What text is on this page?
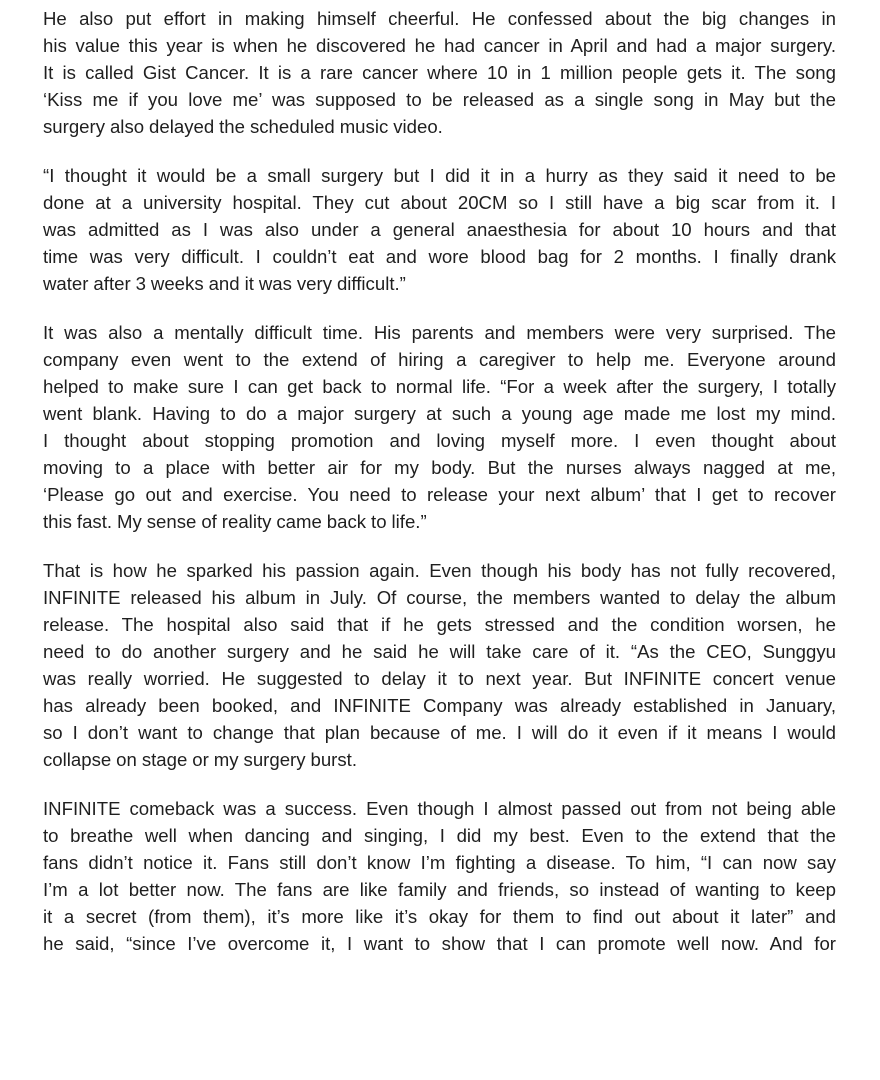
He also put effort in making himself cheerful. He confessed about the big changes in
his value this year is when he discovered he had cancer in April and had a major surgery.
It is called Gist Cancer. It is a rare cancer where 10 in 1 million people gets it. The song
‘Kiss me if you love me’ was supposed to be released as a single song in May but the
surgery also delayed the scheduled music video.

“I thought it would be a small surgery but I did it in a hurry as they said it need to be
done at a university hospital. They cut about 20CM so I still have a big scar from it. I
was admitted as I was also under a general anaesthesia for about 10 hours and that
time was very difficult. I couldn’t eat and wore blood bag for 2 months. I finally drank
water after 3 weeks and it was very difficult.”

It was also a mentally difficult time. His parents and members were very surprised. The
company even went to the extend of hiring a caregiver to help me. Everyone around
helped to make sure I can get back to normal life. “For a week after the surgery, I totally
went blank. Having to do a major surgery at such a young age made me lost my mind.
I thought about stopping promotion and loving myself more. I even thought about
moving to a place with better air for my body. But the nurses always nagged at me,
‘Please go out and exercise. You need to release your next album’ that I get to recover
this fast. My sense of reality came back to life.”

That is how he sparked his passion again. Even though his body has not fully recovered,
INFINITE released his album in July. Of course, the members wanted to delay the album
release. The hospital also said that if he gets stressed and the condition worsen, he
need to do another surgery and he said he will take care of it. “As the CEO, Sunggyu
was really worried. He suggested to delay it to next year. But INFINITE concert venue
has already been booked, and INFINITE Company was already established in January,
so I don’t want to change that plan because of me. I will do it even if it means I would
collapse on stage or my surgery burst.

INFINITE comeback was a success. Even though I almost passed out from not being able
to breathe well when dancing and singing, I did my best. Even to the extend that the
fans didn’t notice it. Fans still don’t know I’m fighting a disease. To him, “I can now say
I’m a lot better now. The fans are like family and friends, so instead of wanting to keep
it a secret (from them), it’s more like it’s okay for them to find out about it later” and
he said, “since I’ve overcome it, I want to show that I can promote well now. And for
